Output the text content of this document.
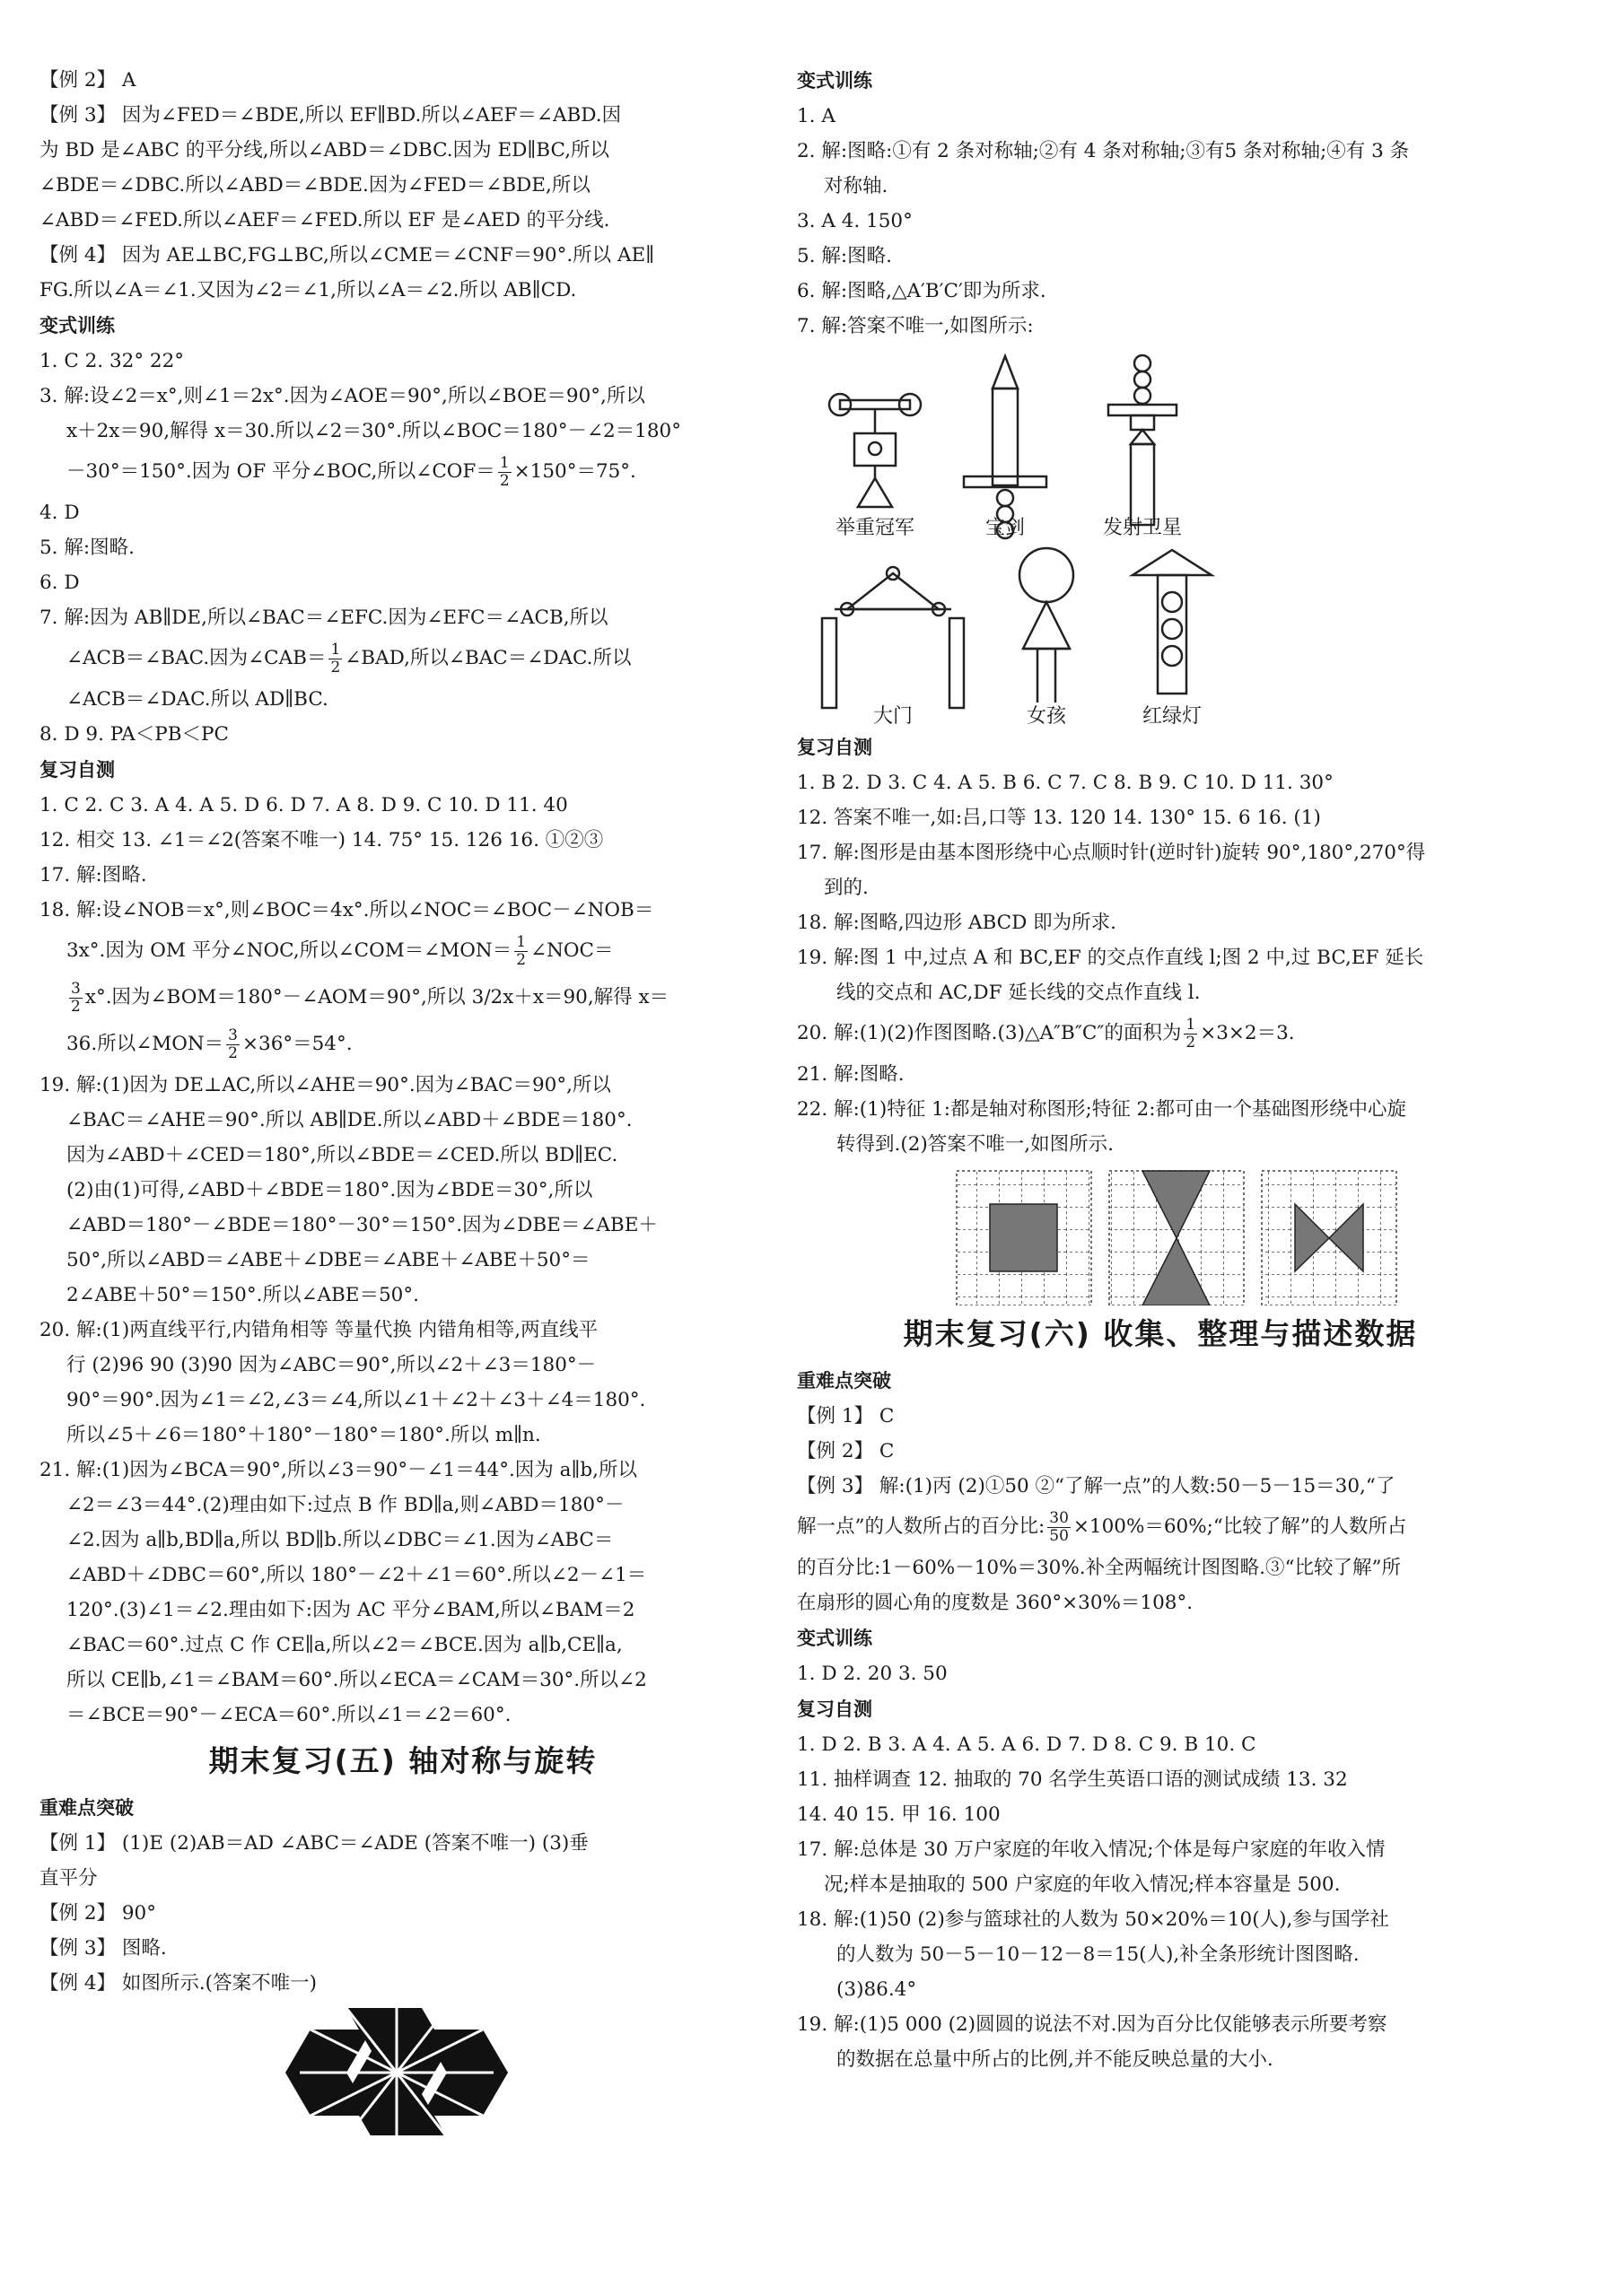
【例 2】 A
【例 3】 因为∠FED＝∠BDE,所以 EF∥BD.所以∠AEF＝∠ABD.因
为 BD 是∠ABC 的平分线,所以∠ABD＝∠DBC.因为 ED∥BC,所以
∠BDE＝∠DBC.所以∠ABD＝∠BDE.因为∠FED＝∠BDE,所以
∠ABD＝∠FED.所以∠AEF＝∠FED.所以 EF 是∠AED 的平分线.
【例 4】 因为 AE⊥BC,FG⊥BC,所以∠CME＝∠CNF＝90°.所以 AE∥
FG.所以∠A＝∠1.又因为∠2＝∠1,所以∠A＝∠2.所以 AB∥CD.
变式训练
1. C 2. 32° 22°
3. 解:设∠2＝x°,则∠1＝2x°.因为∠AOE＝90°,所以∠BOE＝90°,所以
x＋2x＝90,解得 x＝30.所以∠2＝30°.所以∠BOC＝180°－∠2＝180°
－30°＝150°.因为 OF 平分∠BOC,所以∠COF＝ $\frac{1}{2} \times 150^\circ=75^\circ$.
4. D
5. 解:图略.
6. D
7. 解:因为 AB∥DE,所以∠BAC＝∠EFC.因为∠EFC＝∠ACB,所以
∠ACB＝∠BAC.因为∠CAB＝ $\frac{1}{2}$ ∠BAD,所以∠BAC＝∠DAC.所以
∠ACB＝∠DAC.所以 AD∥BC.
8. D 9. PA＜PB＜PC
复习自测
1. C 2. C 3. A 4. A 5. D 6. D 7. A 8. D 9. C 10. D 11. 40
12. 相交 13. ∠1＝∠2(答案不唯一) 14. 75° 15. 126 16. ①②③
17. 解:图略.
18. 解:设∠NOB＝x°,则∠BOC＝4x°.所以∠NOC＝∠BOC－∠NOB＝
3x°.因为 OM 平分∠NOC,所以∠COM＝∠MON＝ $\frac{1}{2}$ ∠NOC＝
$\frac{3}{2} x^\circ$.因为∠BOM＝180°－∠AOM＝90°,所以 3/2x＋x＝90,解得 x＝
36.所以∠MON＝ $\frac{3}{2} \times 36^\circ=54^\circ$.
19. 解:(1)因为 DE⊥AC,所以∠AHE＝90°.因为∠BAC＝90°,所以
∠BAC＝∠AHE＝90°.所以 AB∥DE.所以∠ABD＋∠BDE＝180°.
因为∠ABD＋∠CED＝180°,所以∠BDE＝∠CED.所以 BD∥EC.
(2)由(1)可得,∠ABD＋∠BDE＝180°.因为∠BDE＝30°,所以
∠ABD＝180°－∠BDE＝180°－30°＝150°.因为∠DBE＝∠ABE＋
50°,所以∠ABD＝∠ABE＋∠DBE＝∠ABE＋∠ABE＋50°＝
2∠ABE＋50°＝150°.所以∠ABE＝50°.
20. 解:(1)两直线平行,内错角相等 等量代换 内错角相等,两直线平
行 (2)96 90 (3)90 因为∠ABC＝90°,所以∠2＋∠3＝180°－
90°＝90°.因为∠1＝∠2,∠3＝∠4,所以∠1＋∠2＋∠3＋∠4＝180°.
所以∠5＋∠6＝180°＋180°－180°＝180°.所以 m∥n.
21. 解:(1)因为∠BCA＝90°,所以∠3＝90°－∠1＝44°.因为 a∥b,所以
∠2＝∠3＝44°.(2)理由如下:过点 B 作 BD∥a,则∠ABD＝180°－
∠2.因为 a∥b,BD∥a,所以 BD∥b.所以∠DBC＝∠1.因为∠ABC＝
∠ABD＋∠DBC＝60°,所以 180°－∠2＋∠1＝60°.所以∠2－∠1＝
120°.(3)∠1＝∠2.理由如下:因为 AC 平分∠BAM,所以∠BAM＝2
∠BAC＝60°.过点 C 作 CE∥a,所以∠2＝∠BCE.因为 a∥b,CE∥a,
所以 CE∥b,∠1＝∠BAM＝60°.所以∠ECA＝∠CAM＝30°.所以∠2
＝∠BCE＝90°－∠ECA＝60°.所以∠1＝∠2＝60°.
期末复习(五) 轴对称与旋转
重难点突破
【例 1】 (1)E (2)AB＝AD ∠ABC＝∠ADE (答案不唯一) (3)垂
直平分
【例 2】 90°
【例 3】 图略.
【例 4】 如图所示.(答案不唯一)
变式训练
1. A
2. 解:图略:①有 2 条对称轴;②有 4 条对称轴;③有5 条对称轴;④有 3 条
对称轴.
3. A 4. 150°
5. 解:图略.
6. 解:图略,△A′B′C′即为所求.
7. 解:答案不唯一,如图所示:
举重冠军	宝剑	发射卫星
大门	女孩	红绿灯
复习自测
1. B 2. D 3. C 4. A 5. B 6. C 7. C 8. B 9. C 10. D 11. 30°
12. 答案不唯一,如:吕,口等 13. 120 14. 130° 15. 6 16. (1)
17. 解:图形是由基本图形绕中心点顺时针(逆时针)旋转 90°,180°,270°得
到的.
18. 解:图略,四边形 ABCD 即为所求.
19. 解:图 1 中,过点 A 和 BC,EF 的交点作直线 l;图 2 中,过 BC,EF 延长
线的交点和 AC,DF 延长线的交点作直线 l.
20. 解:(1)(2)作图图略.(3)△A″B″C″的面积为 $\frac{1}{2} \times 3\times 2=3$.
21. 解:图略.
22. 解:(1)特征 1:都是轴对称图形;特征 2:都可由一个基础图形绕中心旋
转得到.(2)答案不唯一,如图所示.
期末复习(六) 收集、整理与描述数据
重难点突破
【例 1】 C
【例 2】 C
【例 3】 解:(1)丙 (2)①50 ②“了解一点”的人数:50－5－15＝30,“了
解一点”的人数所占的百分比: $\frac{30}{50}$ ×100%＝60%;“比较了解”的人数所占
的百分比:1－60%－10%＝30%.补全两幅统计图图略.③“比较了解”所
在扇形的圆心角的度数是 360°×30%＝108°.
变式训练
1. D 2. 20 3. 50
复习自测
1. D 2. B 3. A 4. A 5. A 6. D 7. D 8. C 9. B 10. C
11. 抽样调查 12. 抽取的 70 名学生英语口语的测试成绩 13. 32
14. 40 15. 甲 16. 100
17. 解:总体是 30 万户家庭的年收入情况;个体是每户家庭的年收入情
况;样本是抽取的 500 户家庭的年收入情况;样本容量是 500.
18. 解:(1)50 (2)参与篮球社的人数为 50×20%＝10(人),参与国学社
的人数为 50－5－10－12－8＝15(人),补全条形统计图图略.
(3)86.4°
19. 解:(1)5 000 (2)圆圆的说法不对.因为百分比仅能够表示所要考察
的数据在总量中所占的比例,并不能反映总量的大小.
